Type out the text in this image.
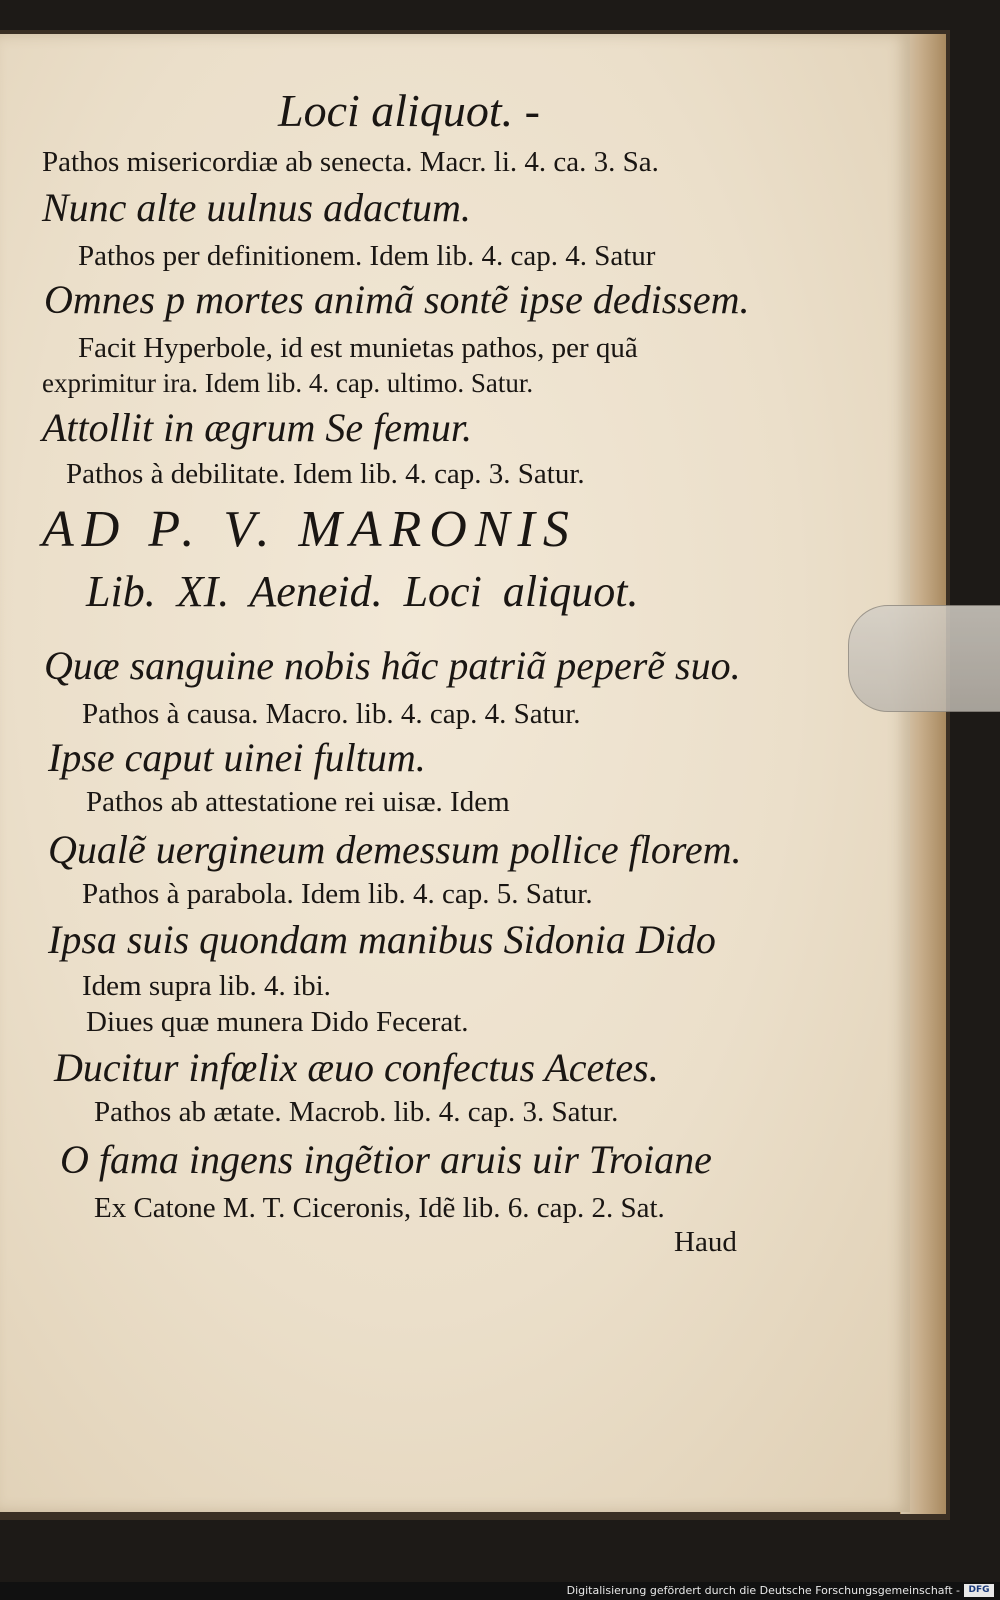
Loci aliquot. -

Pathos misericordiæ ab senecta. Macr. li. 4. ca. 3. Sa.

Nunc alte uulnus adactum.

Pathos per definitionem. Idem lib. 4. cap. 4. Satur

Omnes p mortes animã sontẽ ipse dedissem.

Facit Hyperbole, id est munietas pathos, per quã

exprimitur ira. Idem lib. 4. cap. ultimo. Satur.

Attollit in ægrum Se femur.

Pathos à debilitate. Idem lib. 4. cap. 3. Satur.

AD P. V. MARONIS

Lib. XI. Aeneid. Loci aliquot.

Quæ sanguine nobis hãc patriã peperẽ suo.

Pathos à causa. Macro. lib. 4. cap. 4. Satur.

Ipse caput uinei fultum.

Pathos ab attestatione rei uisæ. Idem

Qualẽ uergineum demessum pollice florem.

Pathos à parabola. Idem lib. 4. cap. 5. Satur.

Ipsa suis quondam manibus Sidonia Dido

Idem supra lib. 4. ibi.

Diues quæ munera Dido Fecerat.

Ducitur infœlix æuo confectus Acetes.

Pathos ab ætate. Macrob. lib. 4. cap. 3. Satur.

O fama ingens ingẽtior aruis uir Troiane

Ex Catone M. T. Ciceronis, Idẽ lib. 6. cap. 2. Sat.

Haud

Digitalisierung gefördert durch die Deutsche Forschungsgemeinschaft - DFG
